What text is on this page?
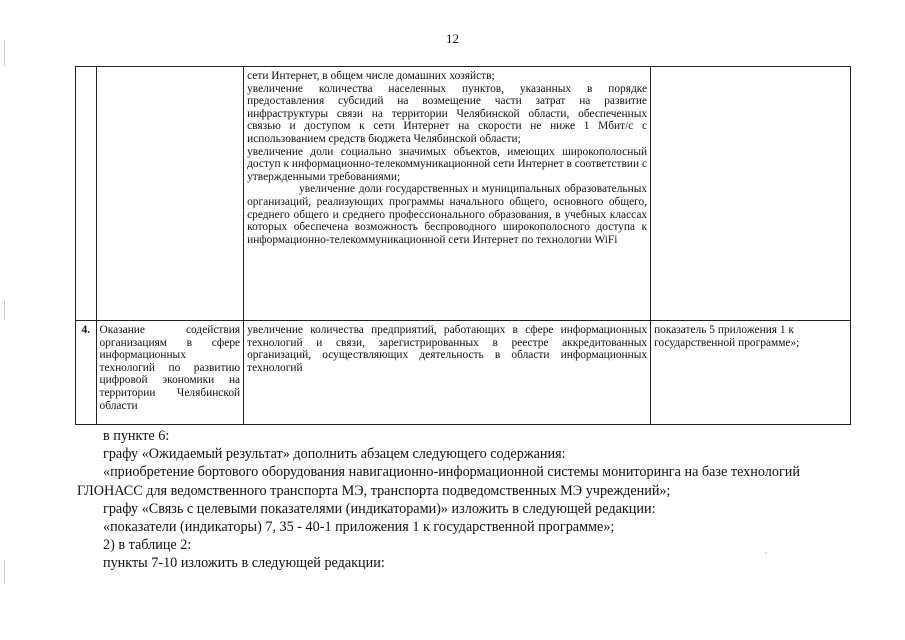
12

		сети Интернет, в общем числе домашних хозяйств;
увеличение количества населенных пунктов, указанных в порядке предоставления субсидий на возмещение части затрат на развитие инфраструктуры связи на территории Челябинской области, обеспеченных связью и доступом к сети Интернет на скорости не ниже 1 Мбит/с с использованием средств бюджета Челябинской области;
увеличение доли социально значимых объектов, имеющих широкополосный доступ к информационно-телекоммуникационной сети Интернет в соответствии с утвержденными требованиями;
увеличение доли государственных и муниципальных образовательных организаций, реализующих программы начального общего, основного общего, среднего общего и среднего профессионального образования, в учебных классах которых обеспечена возможность беспроводного широкополосного доступа к информационно-телекоммуникационной сети Интернет по технологии WiFi	

4.	Оказание содействия организациям в сфере информационных технологий по развитию цифровой экономики на территории Челябинской области	увеличение количества предприятий, работающих в сфере информационных технологий и связи, зарегистрированных в реестре аккредитованных организаций, осуществляющих деятельность в области информационных технологий	показатель 5 приложения 1 к государственной программе»;
в пункте 6:
графу «Ожидаемый результат» дополнить абзацем следующего содержания:
«приобретение бортового оборудования навигационно-информационной системы мониторинга на базе технологий
ГЛОНАСС для ведомственного транспорта МЭ, транспорта подведомственных МЭ учреждений»;
графу «Связь с целевыми показателями (индикаторами)» изложить в следующей редакции:
«показатели (индикаторы) 7, 35 - 40-1 приложения 1 к государственной программе»;
2) в таблице 2:
пункты 7-10 изложить в следующей редакции:
